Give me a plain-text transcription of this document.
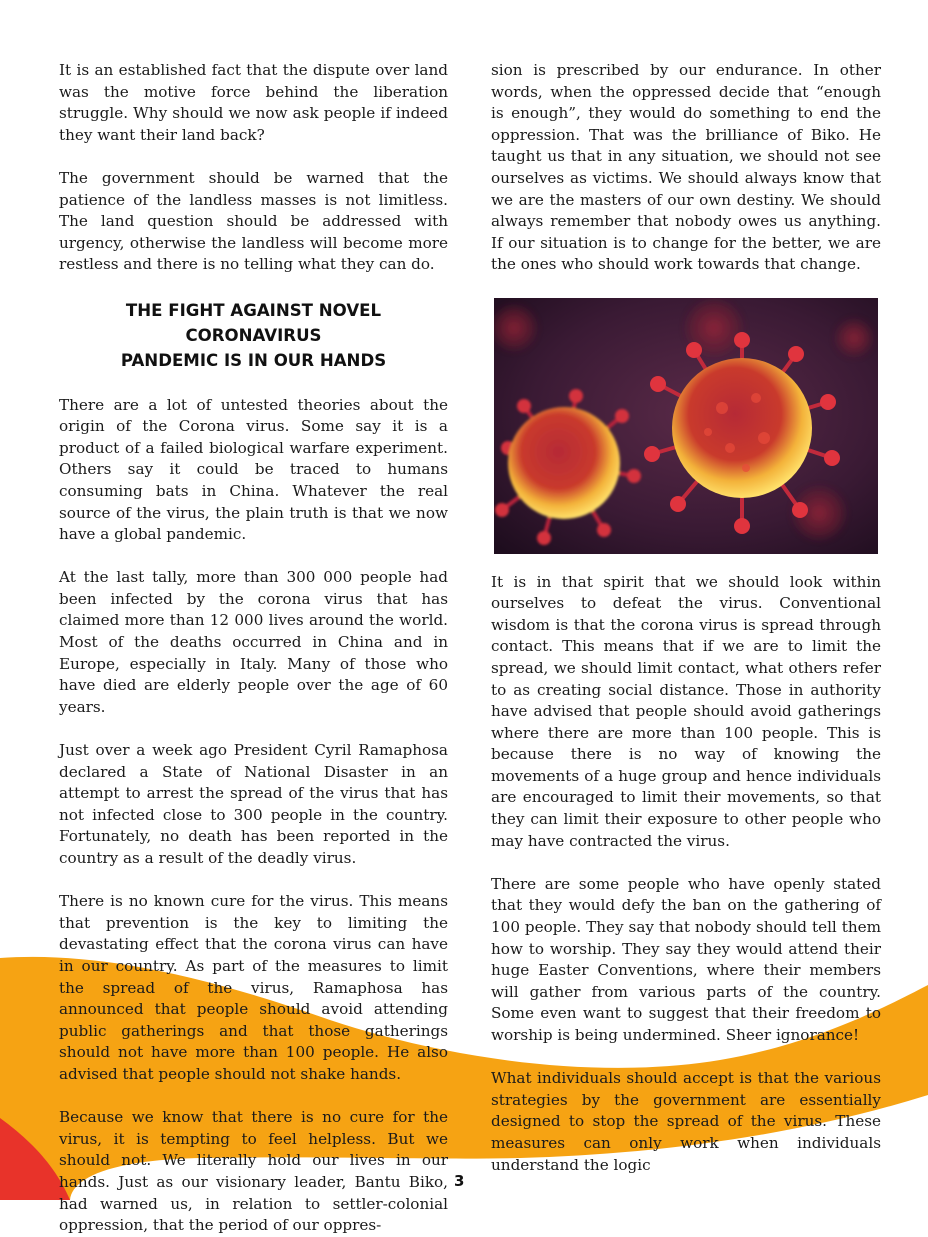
It is an established fact that the dispute over land was the motive force behind the liberation struggle. Why should we now ask people if indeed they want their land back?

The government should be warned that the patience of the landless masses is not limitless. The land question should be addressed with urgency, otherwise the landless will become more restless and there is no telling what they can do.

THE FIGHT AGAINST NOVEL CORONAVIRUS
PANDEMIC IS IN OUR HANDS

There are a lot of untested theories about the origin of the Corona virus. Some say it is a product of a failed biological warfare experiment. Others say it could be traced to humans consuming bats in China. Whatever the real source of the virus, the plain truth is that we now have a global pandemic.

At the last tally, more than 300 000 people had been infected by the corona virus that has claimed more than 12 000 lives around the world. Most of the deaths occurred in China and in Europe, especially in Italy. Many of those who have died are elderly people over the age of 60 years.

Just over a week ago President Cyril Ramaphosa declared a State of National Disaster in an attempt to arrest the spread of the virus that has not infected close to 300 people in the country. Fortunately, no death has been reported in the country as a result of the deadly virus.

There is no known cure for the virus. This means that prevention is the key to limiting the devastating effect that the corona virus can have in our country. As part of the measures to limit the spread of the virus, Ramaphosa has announced that people should avoid attending public gatherings and that those gatherings should not have more than 100 people. He also advised that people should not shake hands.

Because we know that there is no cure for the virus, it is tempting to feel helpless. But we should not. We literally hold our lives in our hands. Just as our visionary leader, Bantu Biko, had warned us, in relation to settler-colonial oppression, that the period of our oppres-

sion is prescribed by our endurance. In other words, when the oppressed decide that “enough is enough”, they would do something to end the oppression. That was the brilliance of Biko. He taught us that in any situation, we should not see ourselves as victims. We should always know that we are the masters of our own destiny. We should always remember that nobody owes us anything. If our situation is to change for the better, we are the ones who should work towards that change.

It is in that spirit that we should look within ourselves to defeat the virus. Conventional wisdom is that the corona virus is spread through contact. This means that if we are to limit the spread, we should limit contact, what others refer to as creating social distance. Those in authority have advised that people should avoid gatherings where there are more than 100 people. This is because there is no way of knowing the movements of a huge group and hence individuals are encouraged to limit their movements, so that they can limit their exposure to other people who may have contracted the virus.

There are some people who have openly stated that they would defy the ban on the gathering of 100 people. They say that nobody should tell them how to worship. They say they would attend their huge Easter Conventions, where their members will gather from various parts of the country. Some even want to suggest that their freedom to worship is being undermined. Sheer ignorance!

What individuals should accept is that the various strategies by the government are essentially designed to stop the spread of the virus. These measures can only work when individuals understand the logic

3
